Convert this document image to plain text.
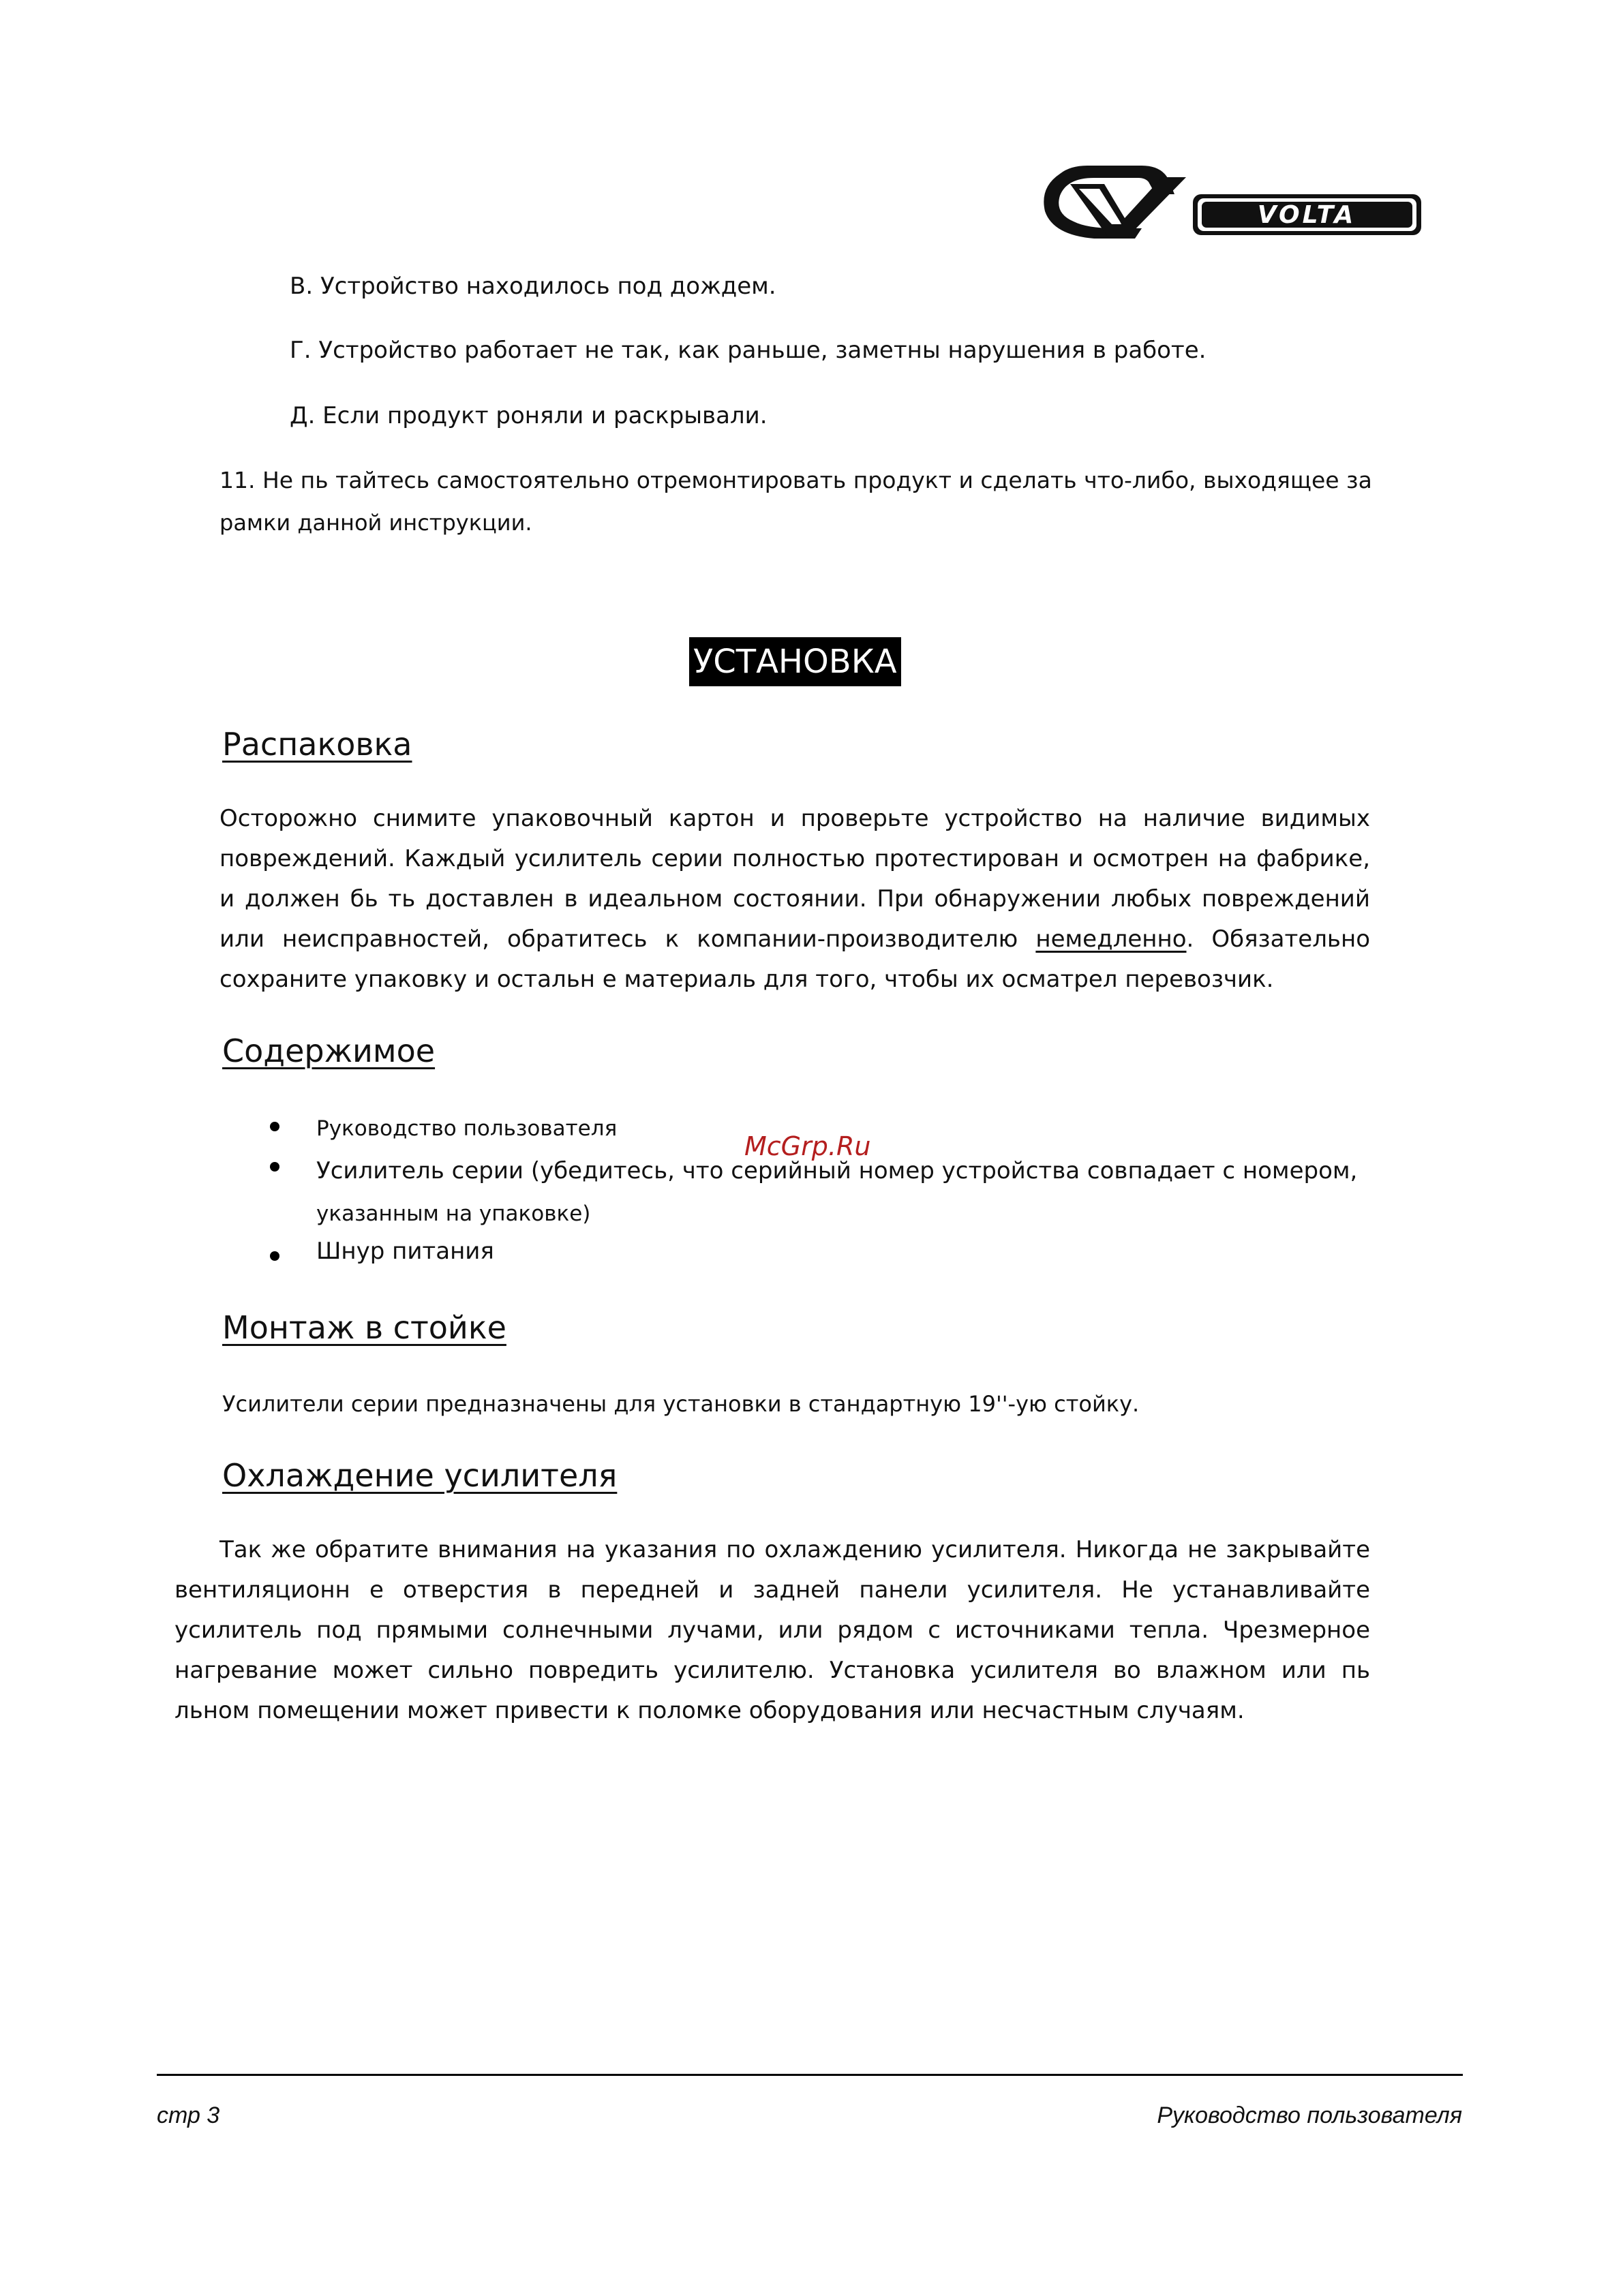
VOLTA
В. Устройство находилось под дождем.
Г. Устройство работает не так, как раньше, заметны нарушения в работе.
Д. Если продукт роняли и раскрывали.
11. Не пь тайтесь самостоятельно отремонтировать продукт и сделать что-либо, выходящее за
рамки данной инструкции.
УСТАНОВКА
Распаковка
Осторожно снимите упаковочный картон и проверьте устройство на наличие видимых повреждений. Каждый усилитель серии полностью протестирован и осмотрен на фабрике, и должен бь ть доставлен в идеальном состоянии. При обнаружении любых повреждений или неисправностей, обратитесь к компании-производителю немедленно. Обязательно сохраните упаковку и остальн е материаль для того, чтобы их осматрел перевозчик.
Содержимое
Руководство пользователя
Усилитель серии (убедитесь, что серийный номер устройства совпадает с номером,
указанным на упаковке)
Шнур питания
McGrp.Ru
Монтаж в стойке
Усилители серии предназначены для установки в стандартную 19''-ую стойку.
Охлаждение усилителя
Так же обратите внимания на указания по охлаждению усилителя. Никогда не закрывайте вентиляционн е отверстия в передней и задней панели усилителя. Не устанавливайте усилитель под прямыми солнечными лучами, или рядом с источниками тепла. Чрезмерное нагревание может сильно повредить усилителю. Установка усилителя во влажном или пь льном помещении может привести к поломке оборудования или несчастным случаям.
стр 3	Руководство пользователя
